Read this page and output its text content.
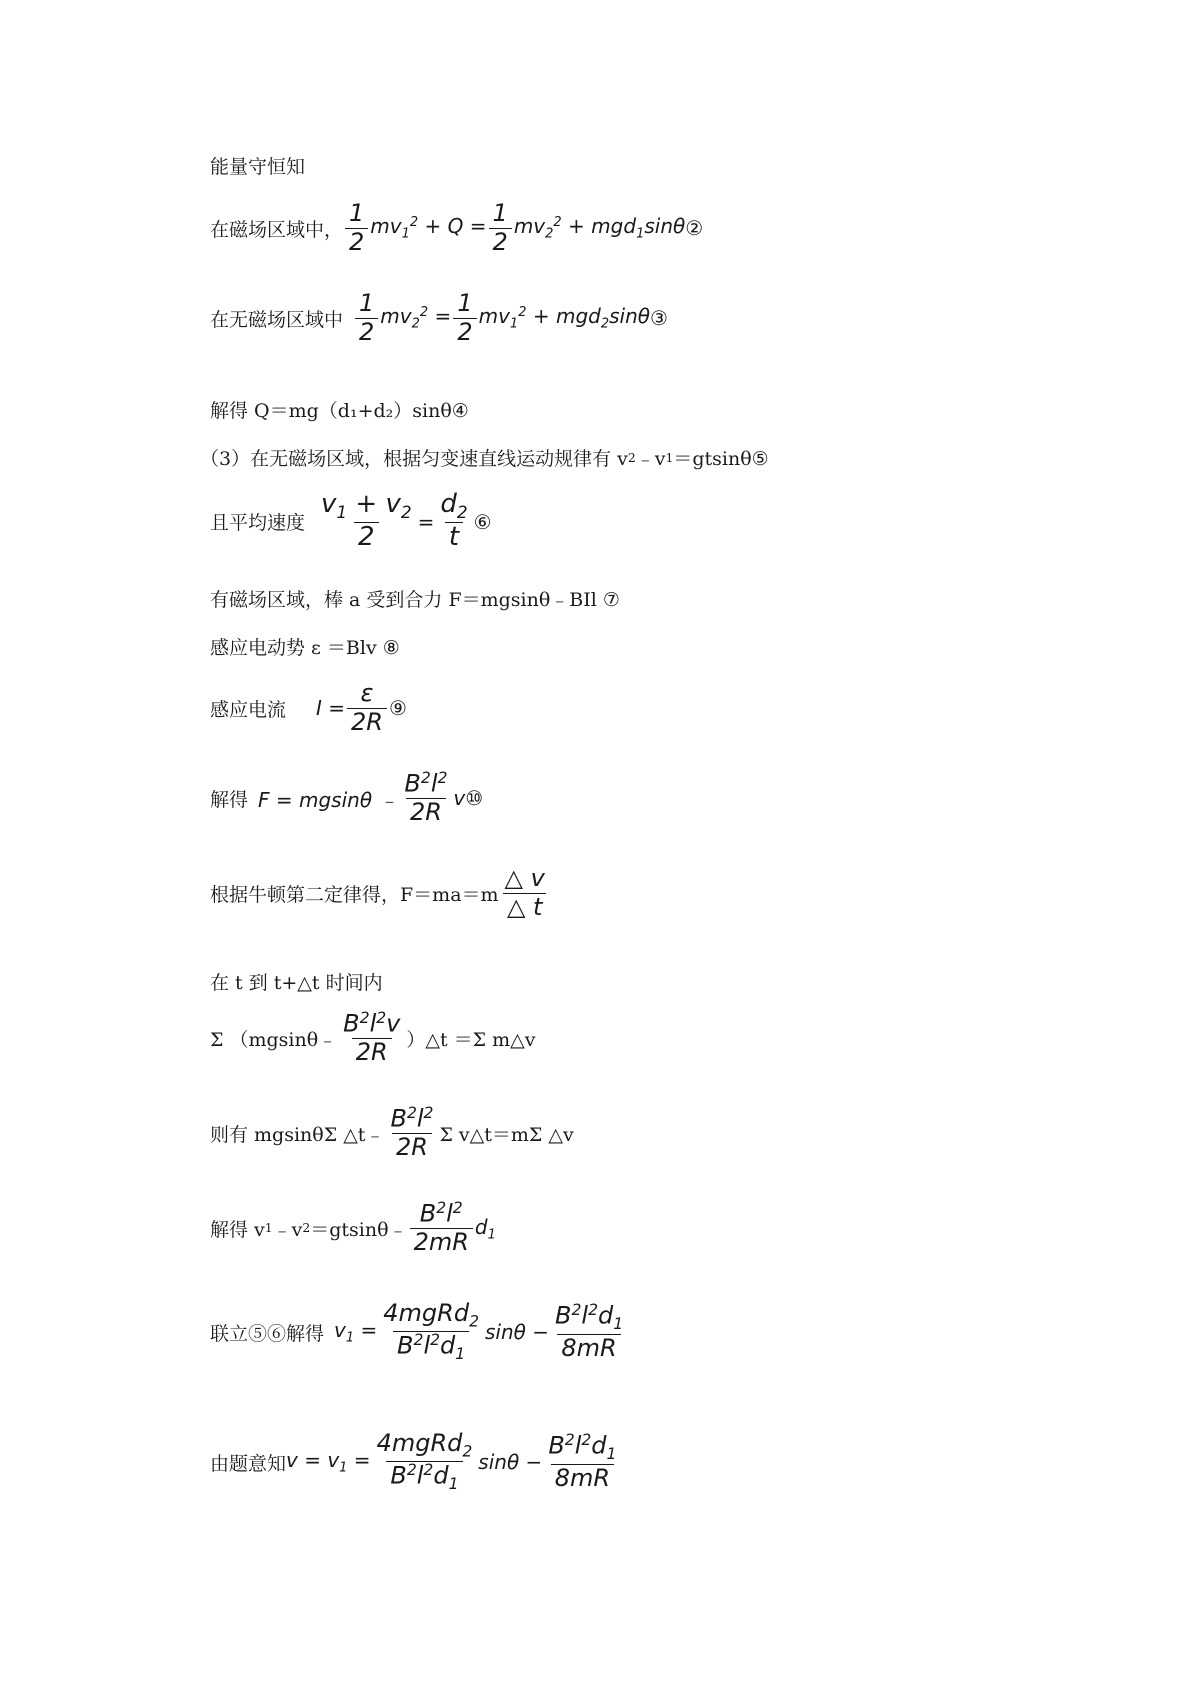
能量守恒知
在磁场区域中， $\frac{1}{2} mv_1^2 + Q = \frac{1}{2} mv_2^2 + mgd_1\sin\theta$ ②
在无磁场区域中 $\frac{1}{2} mv_2^2 = \frac{1}{2} mv_1^2 + mgd_2\sin\theta$ ③
解得 Q＝mg（d₁+d₂）sinθ④
（3）在无磁场区域，根据匀变速直线运动规律有 v 2 ﹣v 1 ＝gtsinθ⑤
且平均速度 $\frac{v_1 + v_2}{2} = \frac{d_2}{t}$ ⑥
有磁场区域，棒 a 受到合力 F＝mgsinθ﹣BIl ⑦
感应电动势 ε ＝Blv ⑧
感应电流 $I = \frac{\varepsilon}{2R}$ ⑨
解得 F = mgsinθ ﹣ $\frac{B^2l^2}{2R}$ v ⑩
根据牛顿第二定律得，$F=ma=m \frac{\triangle v}{\triangle t}$
在 t 到 t+△t 时间内
Σ （mgsinθ ﹣ $\frac{B^2l^2v}{2R}$ ）△t ＝Σ m△v
则有 mgsinθΣ △t ﹣ $\frac{B^2l^2}{2R}$ Σ v△t＝mΣ △v
解得 v 1 ﹣v 2 ＝gtsinθ ﹣ $\frac{B^2l^2}{2mR} d_1$
联立⑤⑥解得 $v_1 = \frac{4mgRd_2}{B^2l^2d_1}$ $\sin\theta - \frac{B^2l^2d_1}{8mR}$
由题意知 $v = v_1 = \frac{4mgRd_2}{B^2l^2d_1}$ $\sin\theta - \frac{B^2l^2d_1}{8mR}$
